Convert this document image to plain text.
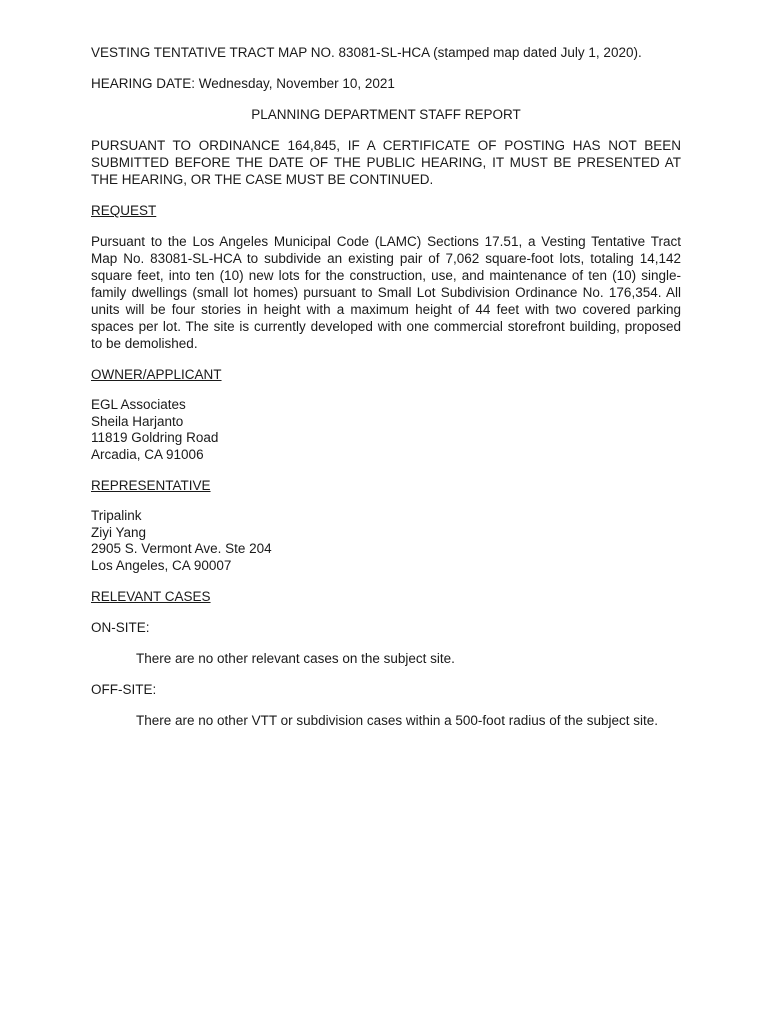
VESTING TENTATIVE TRACT MAP NO. 83081-SL-HCA (stamped map dated July 1, 2020).

HEARING DATE: Wednesday, November 10, 2021

PLANNING DEPARTMENT STAFF REPORT

PURSUANT TO ORDINANCE 164,845, IF A CERTIFICATE OF POSTING HAS NOT BEEN SUBMITTED BEFORE THE DATE OF THE PUBLIC HEARING, IT MUST BE PRESENTED AT THE HEARING, OR THE CASE MUST BE CONTINUED.

REQUEST

Pursuant to the Los Angeles Municipal Code (LAMC) Sections 17.51, a Vesting Tentative Tract Map No. 83081-SL-HCA to subdivide an existing pair of 7,062 square-foot lots, totaling 14,142 square feet, into ten (10) new lots for the construction, use, and maintenance of ten (10) single-family dwellings (small lot homes) pursuant to Small Lot Subdivision Ordinance No. 176,354. All units will be four stories in height with a maximum height of 44 feet with two covered parking spaces per lot. The site is currently developed with one commercial storefront building, proposed to be demolished.

OWNER/APPLICANT

EGL Associates
Sheila Harjanto
11819 Goldring Road
Arcadia, CA 91006

REPRESENTATIVE

Tripalink
Ziyi Yang
2905 S. Vermont Ave. Ste 204
Los Angeles, CA 90007

RELEVANT CASES

ON-SITE:

There are no other relevant cases on the subject site.

OFF-SITE:

There are no other VTT or subdivision cases within a 500-foot radius of the subject site.
